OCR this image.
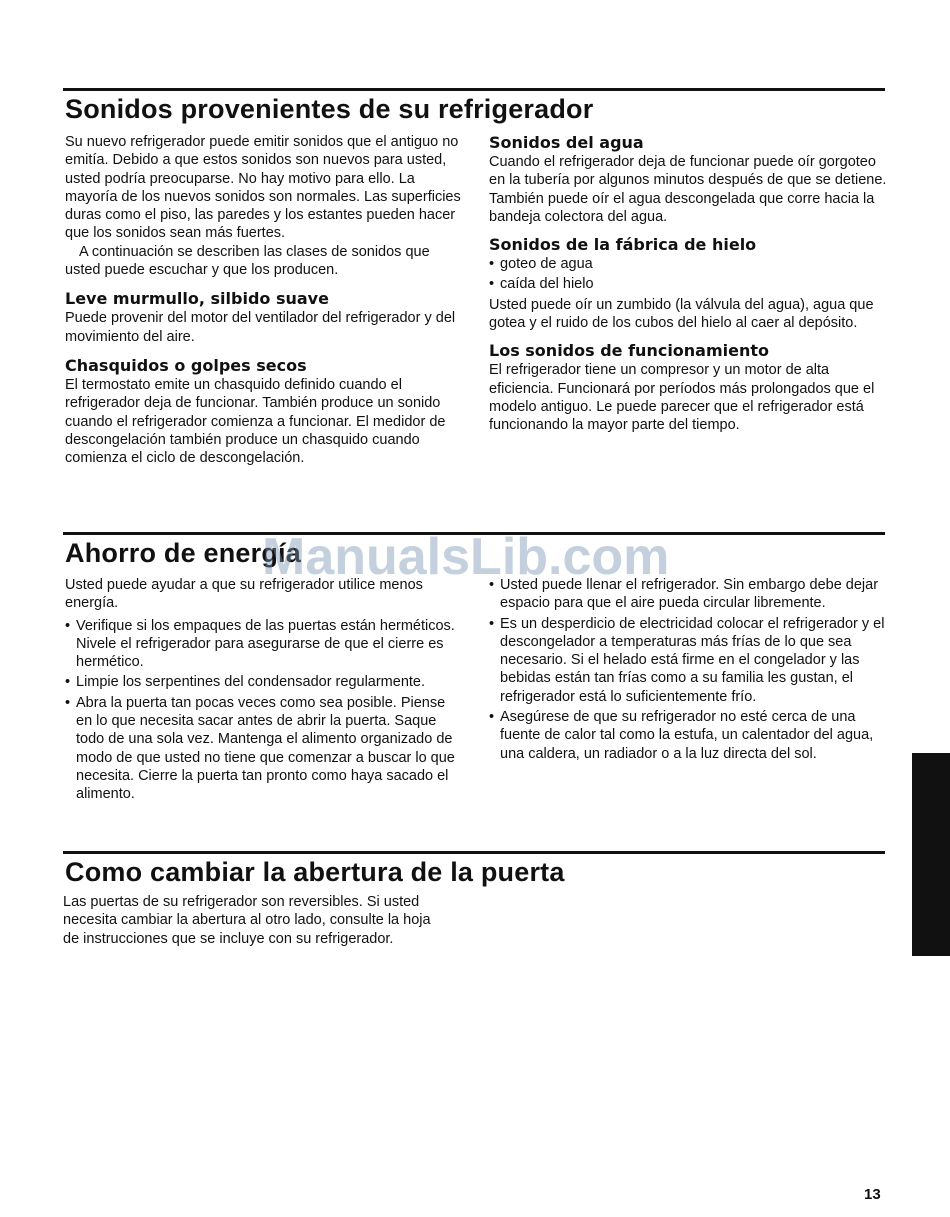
Sonidos provenientes de su refrigerador

Su nuevo refrigerador puede emitir sonidos que el antiguo no emitía. Debido a que estos sonidos son nuevos para usted, usted podría preocuparse. No hay motivo para ello. La mayoría de los nuevos sonidos son normales. Las superficies duras como el piso, las paredes y los estantes pueden hacer que los sonidos sean más fuertes.

A continuación se describen las clases de sonidos que usted puede escuchar y que los producen.

Leve murmullo, silbido suave

Puede provenir del motor del ventilador del refrigerador y del movimiento del aire.

Chasquidos o golpes secos

El termostato emite un chasquido definido cuando el refrigerador deja de funcionar. También produce un sonido cuando el refrigerador comienza a funcionar. El medidor de descongelación también produce un chasquido cuando comienza el ciclo de descongelación.

Sonidos del agua

Cuando el refrigerador deja de funcionar puede oír gorgoteo en la tubería por algunos minutos después de que se detiene. También puede oír el agua descongelada que corre hacia la bandeja colectora del agua.

Sonidos de la fábrica de hielo
• goteo de agua
• caída del hielo

Usted puede oír un zumbido (la válvula del agua), agua que gotea y el ruido de los cubos del hielo al caer al depósito.

Los sonidos de funcionamiento

El refrigerador tiene un compresor y un motor de alta eficiencia. Funcionará por períodos más prolongados que el modelo antiguo. Le puede parecer que el refrigerador está funcionando la mayor parte del tiempo.

Ahorro de energía

Usted puede ayudar a que su refrigerador utilice menos energía.

• Verifique si los empaques de las puertas están herméticos. Nivele el refrigerador para asegurarse de que el cierre es hermético.
• Limpie los serpentines del condensador regularmente.
• Abra la puerta tan pocas veces como sea posible. Piense en lo que necesita sacar antes de abrir la puerta. Saque todo de una sola vez. Mantenga el alimento organizado de modo de que usted no tiene que comenzar a buscar lo que necesita. Cierre la puerta tan pronto como haya sacado el alimento.
• Usted puede llenar el refrigerador. Sin embargo debe dejar espacio para que el aire pueda circular libremente.
• Es un desperdicio de electricidad colocar el refrigerador y el descongelador a temperaturas más frías de lo que sea necesario. Si el helado está firme en el congelador y las bebidas están tan frías como a su familia les gustan, el refrigerador está lo suficientemente frío.
• Asegúrese de que su refrigerador no esté cerca de una fuente de calor tal como la estufa, un calentador del agua, una caldera, un radiador o a la luz directa del sol.
Como cambiar la abertura de la puerta

Las puertas de su refrigerador son reversibles. Si usted necesita cambiar la abertura al otro lado, consulte la hoja de instrucciones que se incluye con su refrigerador.

ManualsLib.com
13
